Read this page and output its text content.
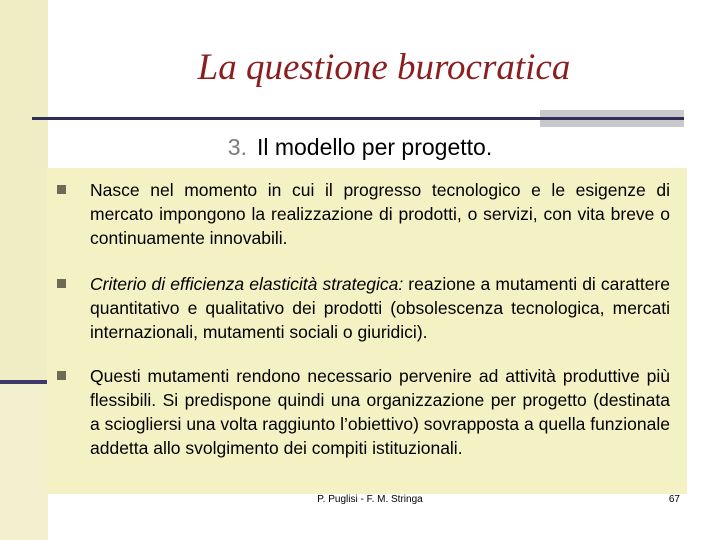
La questione burocratica
3. Il modello per progetto.
Nasce nel momento in cui il progresso tecnologico e le esigenze di mercato impongono la realizzazione di prodotti, o servizi, con vita breve o continuamente innovabili.
Criterio di efficienza elasticità strategica: reazione a mutamenti di carattere quantitativo e qualitativo dei prodotti (obsolescenza tecnologica, mercati internazionali, mutamenti sociali o giuridici).
Questi mutamenti rendono necessario pervenire ad attività produttive più flessibili. Si predispone quindi una organizzazione per progetto (destinata a sciogliersi una volta raggiunto l’obiettivo) sovrapposta a quella funzionale addetta allo svolgimento dei compiti istituzionali.
P. Puglisi - F. M. Stringa	67
